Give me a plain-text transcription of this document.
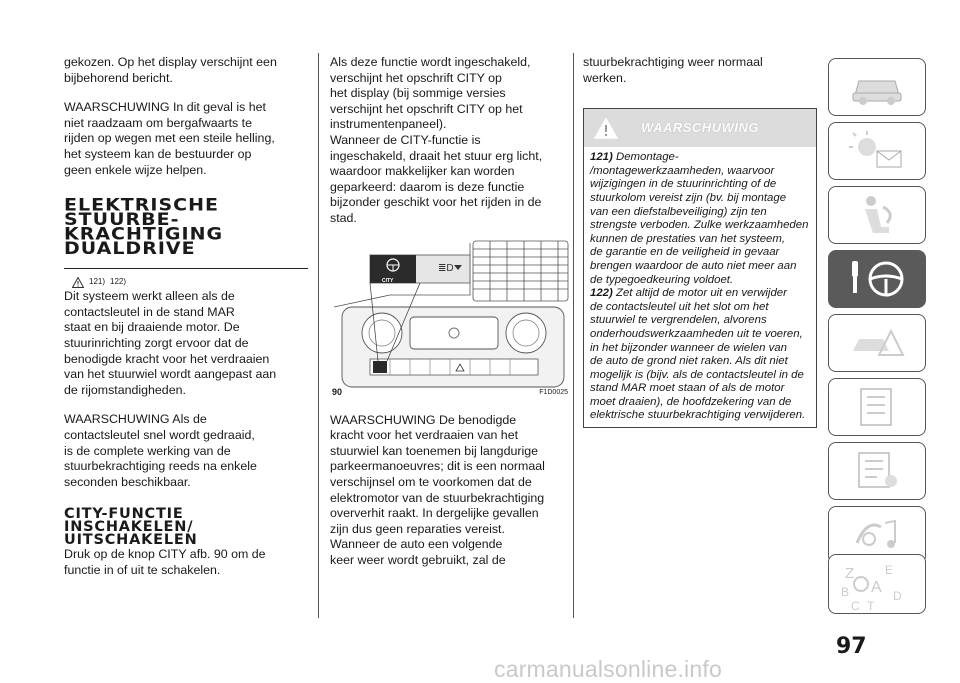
gekozen. Op het display verschijnt een
bijbehorend bericht.

WAARSCHUWING In dit geval is het
niet raadzaam om bergafwaarts te
rijden op wegen met een steile helling,
het systeem kan de bestuurder op
geen enkele wijze helpen.

ELEKTRISCHE
STUURBE-
KRACHTIGING
DUALDRIVE
121) 122)

Dit systeem werkt alleen als de
contactsleutel in de stand MAR
staat en bij draaiende motor. De
stuurinrichting zorgt ervoor dat de
benodigde kracht voor het verdraaien
van het stuurwiel wordt aangepast aan
de rijomstandigheden.

WAARSCHUWING Als de
contactsleutel snel wordt gedraaid,
is de complete werking van de
stuurbekrachtiging reeds na enkele
seconden beschikbaar.

CITY-FUNCTIE
INSCHAKELEN/
UITSCHAKELEN

Druk op de knop CITY afb. 90 om de
functie in of uit te schakelen.

Als deze functie wordt ingeschakeld,
verschijnt het opschrift CITY op
het display (bij sommige versies
verschijnt het opschrift CITY op het
instrumentenpaneel).

Wanneer de CITY-functie is
ingeschakeld, draait het stuur erg licht,
waardoor makkelijker kan worden
geparkeerd: daarom is deze functie
bijzonder geschikt voor het rijden in de
stad.

≣D
CITY
90	F1D0025

WAARSCHUWING De benodigde
kracht voor het verdraaien van het
stuurwiel kan toenemen bij langdurige
parkeermanoeuvres; dit is een normaal
verschijnsel om te voorkomen dat de
elektromotor van de stuurbekrachtiging
oververhit raakt. In dergelijke gevallen
zijn dus geen reparaties vereist.
Wanneer de auto een volgende
keer weer wordt gebruikt, zal de

stuurbekrachtiging weer normaal
werken.

WAARSCHUWING

121) Demontage-
/montagewerkzaamheden, waarvoor
wijzigingen in de stuurinrichting of de
stuurkolom vereist zijn (bv. bij montage
van een diefstalbeveiliging) zijn ten
strengste verboden. Zulke werkzaamheden
kunnen de prestaties van het systeem,
de garantie en de veiligheid in gevaar
brengen waardoor de auto niet meer aan
de typegoedkeuring voldoet.

122) Zet altijd de motor uit en verwijder
de contactsleutel uit het slot om het
stuurwiel te vergrendelen, alvorens
onderhoudswerkzaamheden uit te voeren,
in het bijzonder wanneer de wielen van
de auto de grond niet raken. Als dit niet
mogelijk is (bijv. als de contactsleutel in de
stand MAR moet staan of als de motor
moet draaien), de hoofdzekering van de
elektrische stuurbekrachtiging verwijderen.

Z	E
B A
C T
D
97
carmanualsonline.info
